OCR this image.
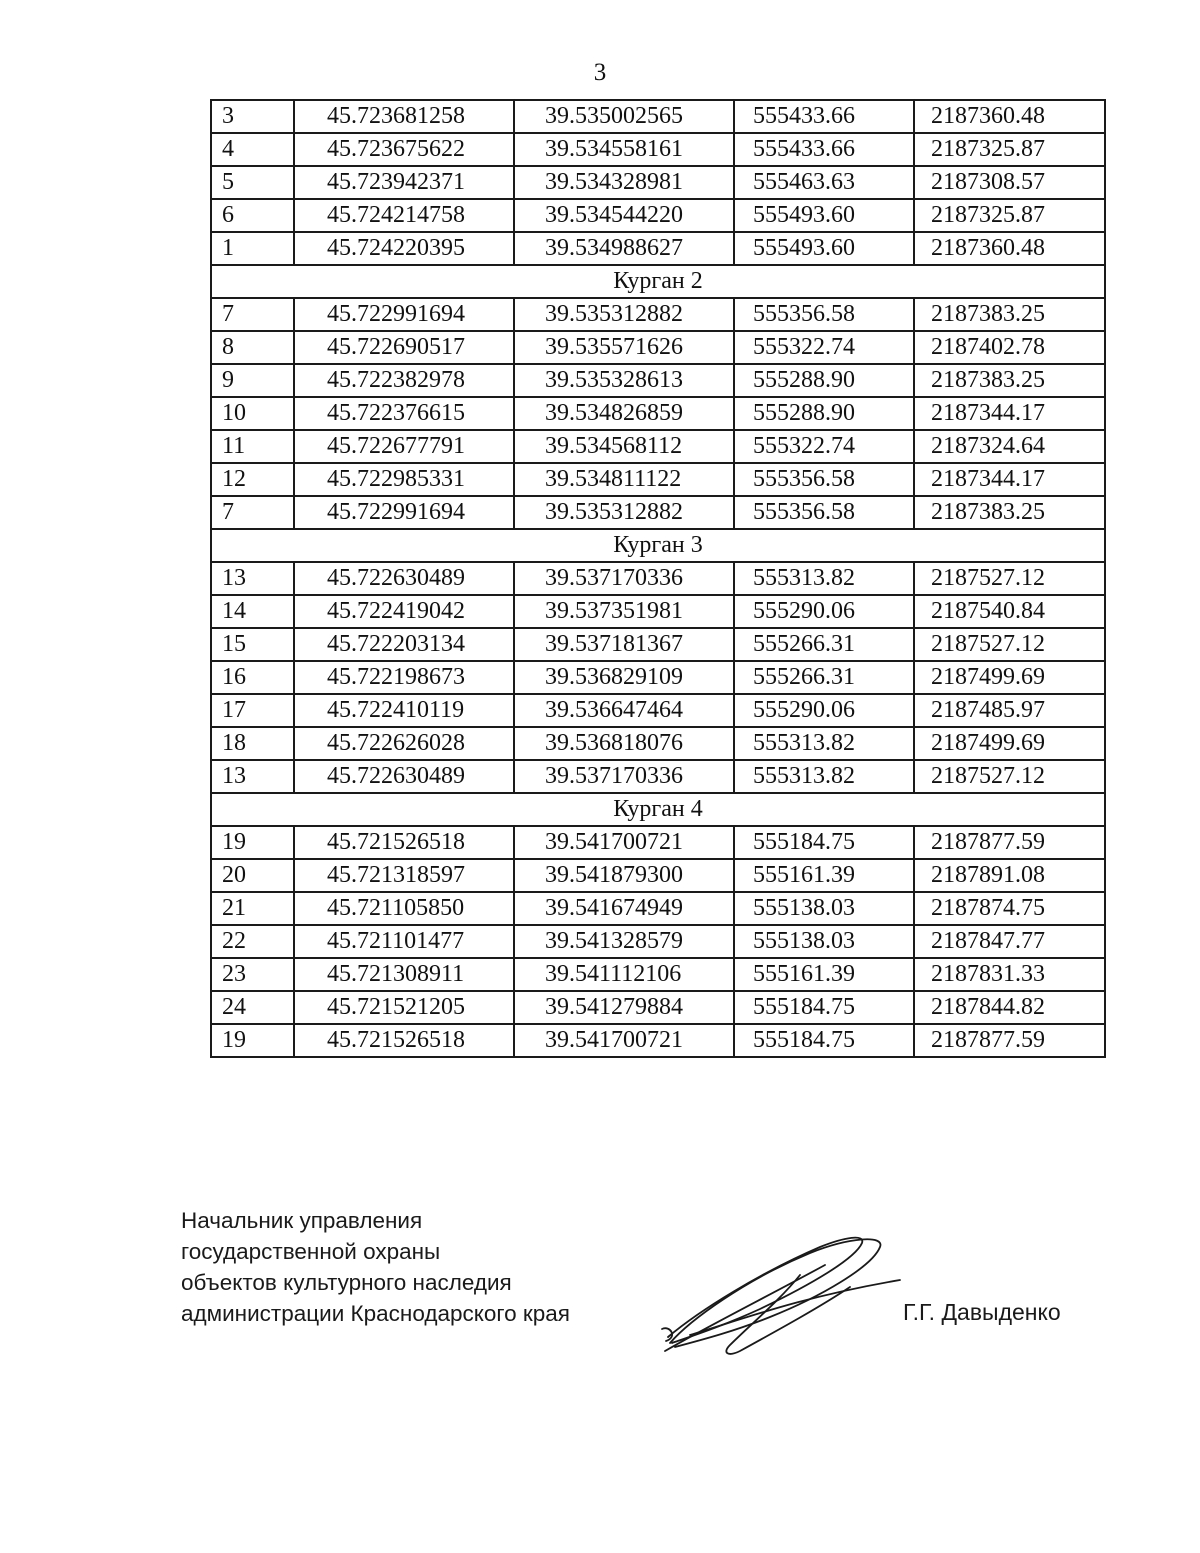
3
3	45.723681258	39.535002565	555433.66	2187360.48
4	45.723675622	39.534558161	555433.66	2187325.87
5	45.723942371	39.534328981	555463.63	2187308.57
6	45.724214758	39.534544220	555493.60	2187325.87
1	45.724220395	39.534988627	555493.60	2187360.48
Курган 2				
7	45.722991694	39.535312882	555356.58	2187383.25
8	45.722690517	39.535571626	555322.74	2187402.78
9	45.722382978	39.535328613	555288.90	2187383.25
10	45.722376615	39.534826859	555288.90	2187344.17
11	45.722677791	39.534568112	555322.74	2187324.64
12	45.722985331	39.534811122	555356.58	2187344.17
7	45.722991694	39.535312882	555356.58	2187383.25
Курган 3				
13	45.722630489	39.537170336	555313.82	2187527.12
14	45.722419042	39.537351981	555290.06	2187540.84
15	45.722203134	39.537181367	555266.31	2187527.12
16	45.722198673	39.536829109	555266.31	2187499.69
17	45.722410119	39.536647464	555290.06	2187485.97
18	45.722626028	39.536818076	555313.82	2187499.69
13	45.722630489	39.537170336	555313.82	2187527.12
Курган 4				
19	45.721526518	39.541700721	555184.75	2187877.59
20	45.721318597	39.541879300	555161.39	2187891.08
21	45.721105850	39.541674949	555138.03	2187874.75
22	45.721101477	39.541328579	555138.03	2187847.77
23	45.721308911	39.541112106	555161.39	2187831.33
24	45.721521205	39.541279884	555184.75	2187844.82
19	45.721526518	39.541700721	555184.75	2187877.59
Начальник управления
государственной охраны
объектов культурного наследия
администрации Краснодарского края	Г.Г. Давыденко
